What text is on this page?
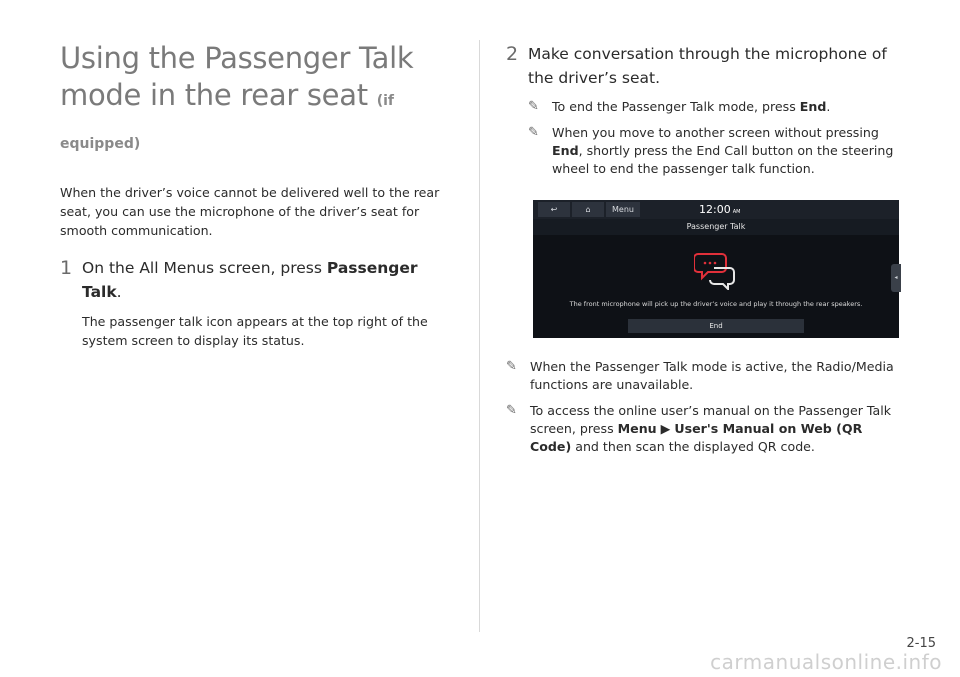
Using the Passenger Talk
mode in the rear seat (if equipped)

When the driver’s voice cannot be delivered well to the rear seat, you can use the microphone of the driver’s seat for smooth communication.

1 On the All Menus screen, press Passenger Talk.

The passenger talk icon appears at the top right of the system screen to display its status.

2 Make conversation through the microphone of the driver’s seat.
✎	To end the Passenger Talk mode, press End.
✎	When you move to another screen without pressing End, shortly press the End Call button on the steering wheel to end the passenger talk function.
↩	⌂	Menu	12:00 AM
Passenger Talk
The front microphone will pick up the driver’s voice and play it through the rear speakers.
End
◂
✎	When the Passenger Talk mode is active, the Radio/Media functions are unavailable.
✎	To access the online user’s manual on the Passenger Talk screen, press Menu ▶ User's Manual on Web (QR Code) and then scan the displayed QR code.
2-15
carmanualsonline.info
